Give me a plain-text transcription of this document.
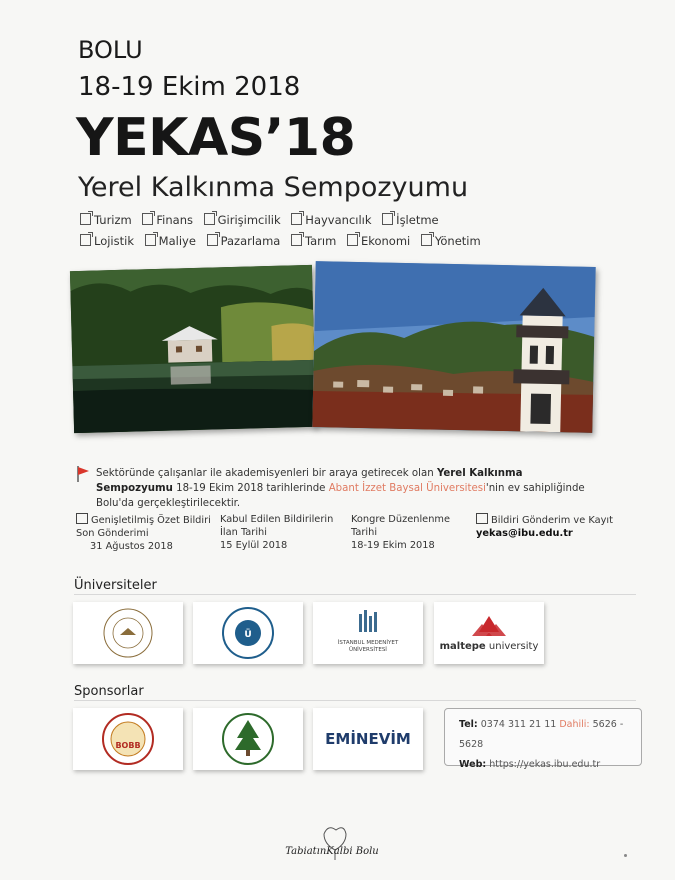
BOLU
18-19 Ekim 2018
YEKAS’18
Yerel Kalkınma Sempozyumu
Turizm Finans Girişimcilik Hayvancılık İşletme
Lojistik Maliye Pazarlama Tarım Ekonomi Yönetim
Sektöründe çalışanlar ile akademisyenleri bir araya getirecek olan Yerel Kalkınma Sempozyumu 18-19 Ekim 2018 tarihlerinde Abant İzzet Baysal Üniversitesi'nin ev sahipliğinde Bolu'da gerçekleştirilecektir.
Genişletilmiş Özet Bildiri
Son Gönderimi
31 Ağustos 2018
Kabul Edilen Bildirilerin
İlan Tarihi
15 Eylül 2018
Kongre Düzenlenme
Tarihi
18-19 Ekim 2018
Bildiri Gönderim ve Kayıt
yekas@ibu.edu.tr
Üniversiteler
Ü
İSTANBUL MEDENİYET
ÜNİVERSİTESİ	maltepe university
Sponsorlar
BOBB	EMİNEVİM
Tel: 0374 311 21 11 Dahili: 5626 - 5628
Web: https://yekas.ibu.edu.tr
TabiatınKalbi Bolu
